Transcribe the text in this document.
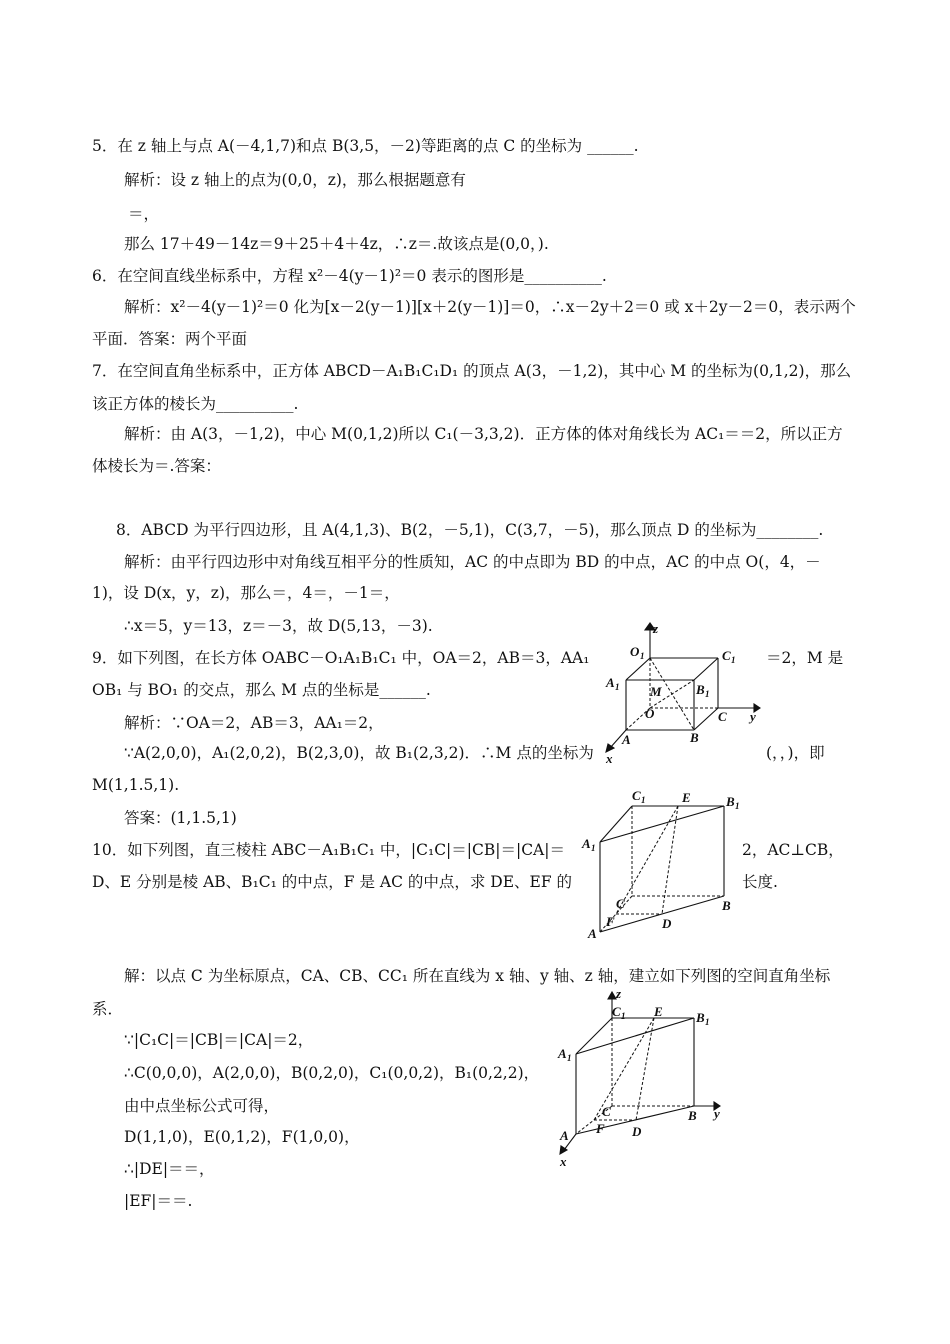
5．在 z 轴上与点 A(－4,1,7)和点 B(3,5，－2)等距离的点 C 的坐标为 ______.
解析：设 z 轴上的点为(0,0，z)，那么根据题意有
＝，
那么 17＋49－14z＝9＋25＋4＋4z，∴z＝.故该点是(0,0，).
6．在空间直线坐标系中，方程 x²－4(y－1)²＝0 表示的图形是__________.
解析：x²－4(y－1)²＝0 化为[x－2(y－1)][x＋2(y－1)]＝0，∴x－2y＋2＝0 或 x＋2y－2＝0，表示两个
平面．答案：两个平面
7．在空间直角坐标系中，正方体 ABCD－A₁B₁C₁D₁ 的顶点 A(3，－1,2)，其中心 M 的坐标为(0,1,2)，那么
该正方体的棱长为__________.
解析：由 A(3，－1,2)，中心 M(0,1,2)所以 C₁(－3,3,2)．正方体的体对角线长为 AC₁＝＝2，所以正方
体棱长为＝.答案：
8．ABCD 为平行四边形，且 A(4,1,3)、B(2，－5,1)，C(3,7，－5)，那么顶点 D 的坐标为________.
解析：由平行四边形中对角线互相平分的性质知，AC 的中点即为 BD 的中点，AC 的中点 O(，4，－
1)，设 D(x，y，z)，那么＝，4＝，－1＝，
∴x＝5，y＝13，z＝－3，故 D(5,13，－3).
9．如下列图，在长方体 OABC－O₁A₁B₁C₁ 中，OA＝2，AB＝3，AA₁	＝2，M 是
OB₁ 与 BO₁ 的交点，那么 M 点的坐标是______.
解析：∵OA＝2，AB＝3，AA₁＝2，
∵A(2,0,0)，A₁(2,0,2)，B(2,3,0)，故 B₁(2,3,2)．∴M 点的坐标为	(，，)，即
M(1,1.5,1).
答案：(1,1.5,1)
10．如下列图，直三棱柱 ABC－A₁B₁C₁ 中，|C₁C|＝|CB|＝|CA|＝	2，AC⊥CB，
D、E 分别是棱 AB、B₁C₁ 的中点，F 是 AC 的中点，求 DE、EF 的	长度.
解：以点 C 为坐标原点，CA、CB、CC₁ 所在直线为 x 轴、y 轴、z 轴，建立如下列图的空间直角坐标
系．
∵|C₁C|＝|CB|＝|CA|＝2，
∴C(0,0,0)，A(2,0,0)，B(0,2,0)，C₁(0,0,2)，B₁(0,2,2)，
由中点坐标公式可得，
D(1,1,0)，E(0,1,2)，F(1,0,0)，
∴|DE|＝＝，
|EF|＝＝.
z
O 1	C 1
A 1 M	B 1
O	C y
A	B
x
C 1	E	B 1
A 1
C
F	D
B
A
z
C 1 E	B 1
A 1
C	y
F
B
D
A
x
